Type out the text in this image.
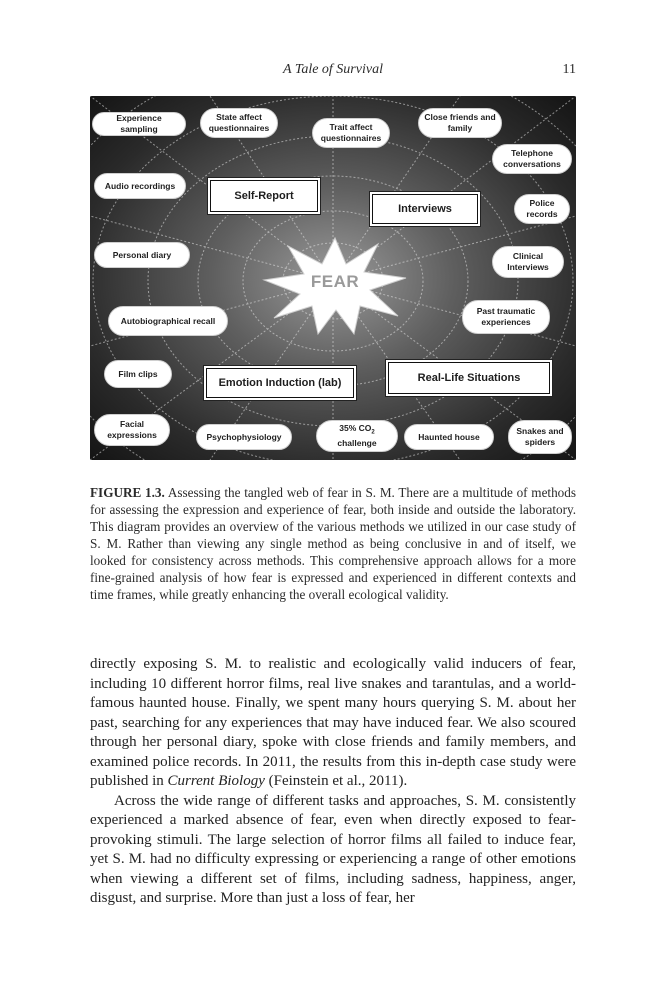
A Tale of Survival	11
Experience sampling
State affect questionnaires	Trait affect questionnaires
Close friends and family
Telephone conversations
Audio recordings
Self-Report
Interviews	Police records
Personal diary	Clinical Interviews
FEAR
Autobiographical recall
Past traumatic experiences
Film clips
Emotion Induction (lab)	Real-Life Situations
Facial expressions	Psychophysiology
35% $CO_2$
challenge
Haunted house
Snakes and spiders
FIGURE 1.3. Assessing the tangled web of fear in S. M. There are a multitude of methods for assessing the expression and experience of fear, both inside and outside the laboratory. This diagram provides an overview of the various methods we utilized in our case study of S. M. Rather than viewing any single method as being conclusive in and of itself, we looked for consistency across methods. This comprehensive approach allows for a more fine-grained analysis of how fear is expressed and experienced in different contexts and time frames, while greatly enhancing the overall ecological validity.

directly exposing S. M. to realistic and ecologically valid inducers of fear, including 10 different horror films, real live snakes and tarantulas, and a world-famous haunted house. Finally, we spent many hours querying S. M. about her past, searching for any experiences that may have induced fear. We also scoured through her personal diary, spoke with close friends and family members, and examined police records. In 2011, the results from this in-depth case study were published in Current Biology (Feinstein et al., 2011).

Across the wide range of different tasks and approaches, S. M. consistently experienced a marked absence of fear, even when directly exposed to fear-provoking stimuli. The large selection of horror films all failed to induce fear, yet S. M. had no difficulty expressing or experiencing a range of other emotions when viewing a different set of films, including sadness, happiness, anger, disgust, and surprise. More than just a loss of fear, her
